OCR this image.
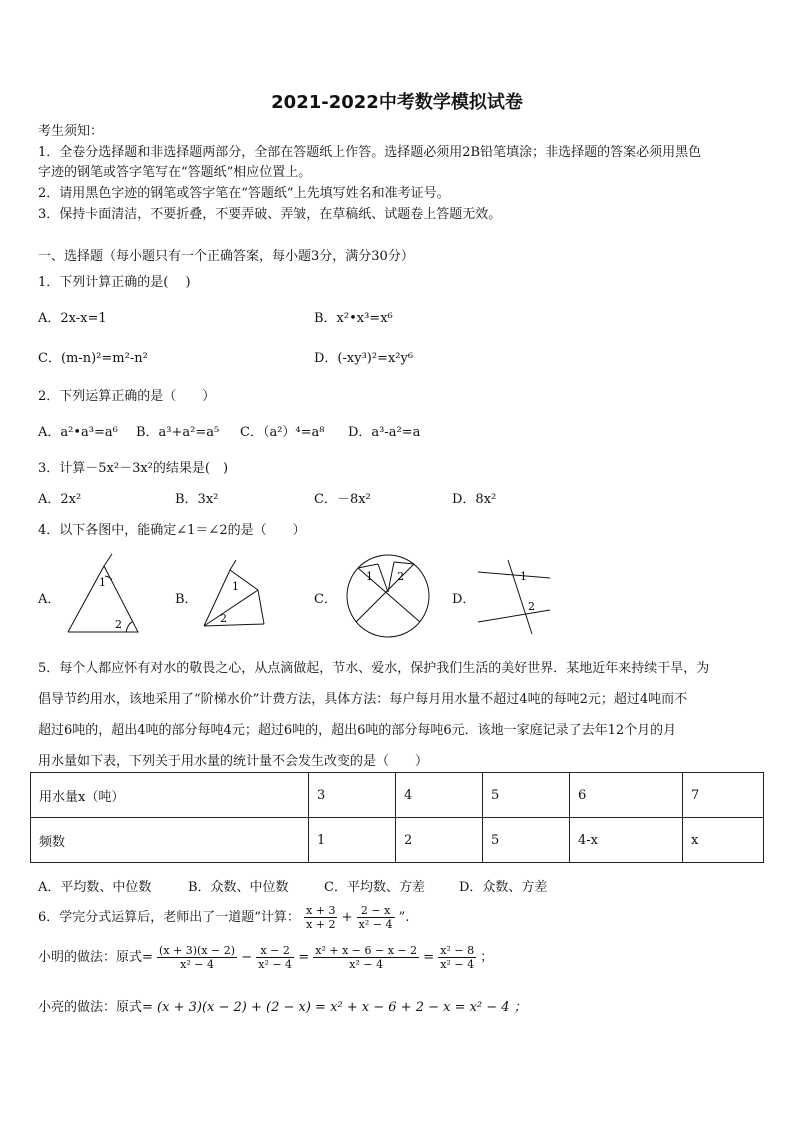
2021-2022中考数学模拟试卷
考生须知：
1．全卷分选择题和非选择题两部分，全部在答题纸上作答。选择题必须用2B铅笔填涂；非选择题的答案必须用黑色
字迹的钢笔或答字笔写在“答题纸”相应位置上。
2．请用黑色字迹的钢笔或答字笔在“答题纸”上先填写姓名和准考证号。
3．保持卡面清洁，不要折叠，不要弄破、弄皱，在草稿纸、试题卷上答题无效。
一、选择题（每小题只有一个正确答案，每小题3分，满分30分）
1．下列计算正确的是(　 )
A．2x-x=1	B．x²•x³=x⁶
C．(m-n)²=m²-n²	D．(-xy³)²=x²y⁶
2．下列运算正确的是（　　）
A．a²•a³=a⁶ B．a³+a²=a⁵ C．（a²）⁴=a⁸ D．a³-a²=a
3．计算－5x²－3x²的结果是(　)
A．2x²	B．3x²	C．－8x²	D．8x²
4．以下各图中，能确定∠1＝∠2的是（　　）
A．	B．	C．	D．
1
2
1
2
1 2	1
2
5．每个人都应怀有对水的敬畏之心，从点滴做起，节水、爱水，保护我们生活的美好世界．某地近年来持续干旱，为
倡导节约用水，该地采用了“阶梯水价”计费方法，具体方法：每户每月用水量不超过4吨的每吨2元；超过4吨而不
超过6吨的，超出4吨的部分每吨4元；超过6吨的，超出6吨的部分每吨6元．该地一家庭记录了去年12个月的月
用水量如下表，下列关于用水量的统计量不会发生改变的是（　　）
用水量x（吨）	3	4	5	6	7
频数	1	2	5	4-x	x
A．平均数、中位数	B．众数、中位数	C．平均数、方差	D．众数、方差
6．学完分式运算后，老师出了一道题“计算： $\frac{x + 3}{x + 2} + \frac{2 - x}{\text{x² − 4}}$ ”.
小明的做法：原式= $\frac{(x + 3)(x - 2)}{\text{x² − 4}} - \frac{x - 2}{\text{x² − 4}} = \frac{\text{x² + x − 6 − x − 2}}{\text{x² − 4}} = \frac{\text{x² − 8}}{\text{x² − 4}}$ ；
小亮的做法：原式= (x + 3)(x − 2) + (2 − x) = x² + x − 6 + 2 − x = x² − 4 ；
